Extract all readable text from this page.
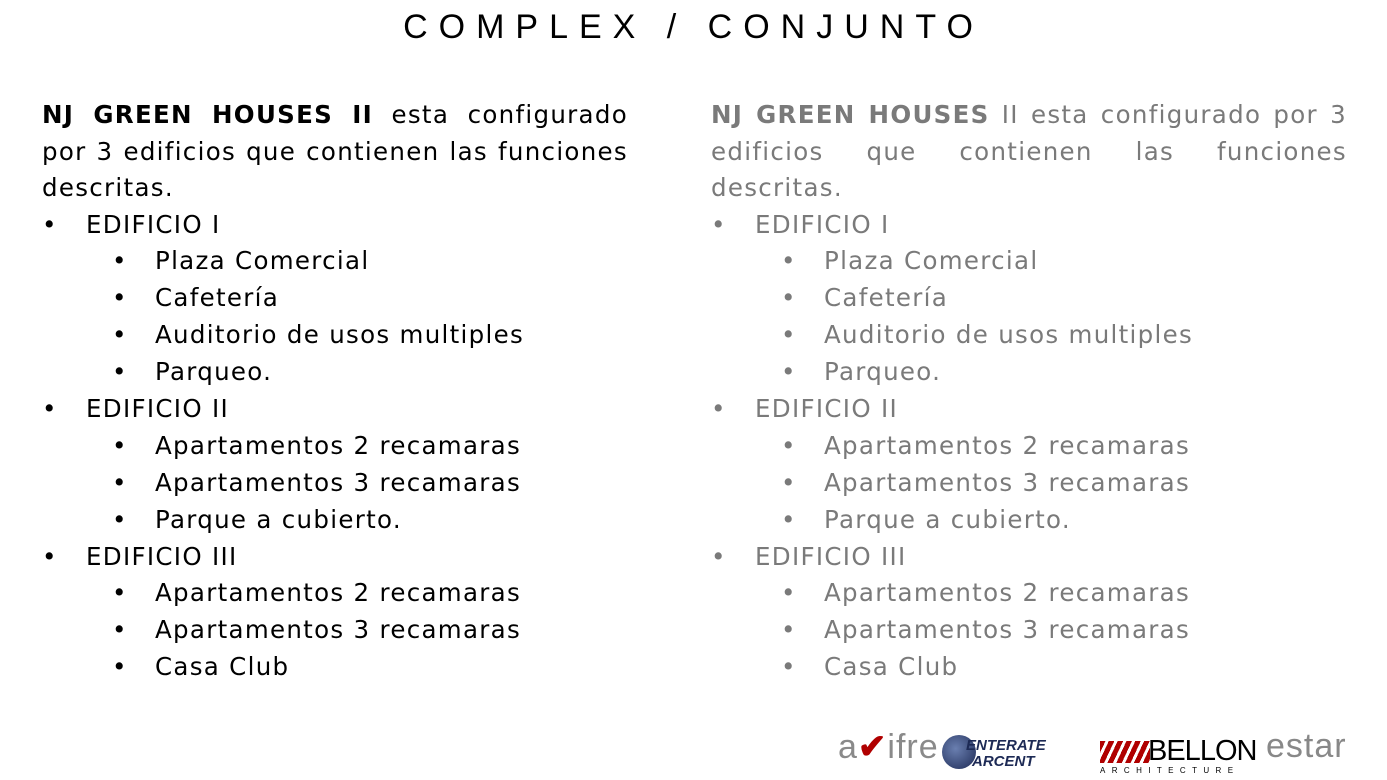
COMPLEX / CONJUNTO

NJ GREEN HOUSES II esta configurado por 3 edificios que contienen las funciones descritas.

• EDIFICIO I
• Plaza Comercial
• Cafetería
• Auditorio de usos multiples
• Parqueo.
• EDIFICIO II
• Apartamentos 2 recamaras
• Apartamentos 3 recamaras
• Parque a cubierto.
• EDIFICIO III
• Apartamentos 2 recamaras
• Apartamentos 3 recamaras
• Casa Club

NJ GREEN HOUSES II esta configurado por 3 edificios que contienen las funciones descritas.

• EDIFICIO I
• Plaza Comercial
• Cafetería
• Auditorio de usos multiples
• Parqueo.
• EDIFICIO II
• Apartamentos 2 recamaras
• Apartamentos 3 recamaras
• Parque a cubierto.
• EDIFICIO III
• Apartamentos 2 recamaras
• Apartamentos 3 recamaras
• Casa Club
a✔ifre ENTERATE
ARCENT	BELLON
ARCHITECTURE
estar
